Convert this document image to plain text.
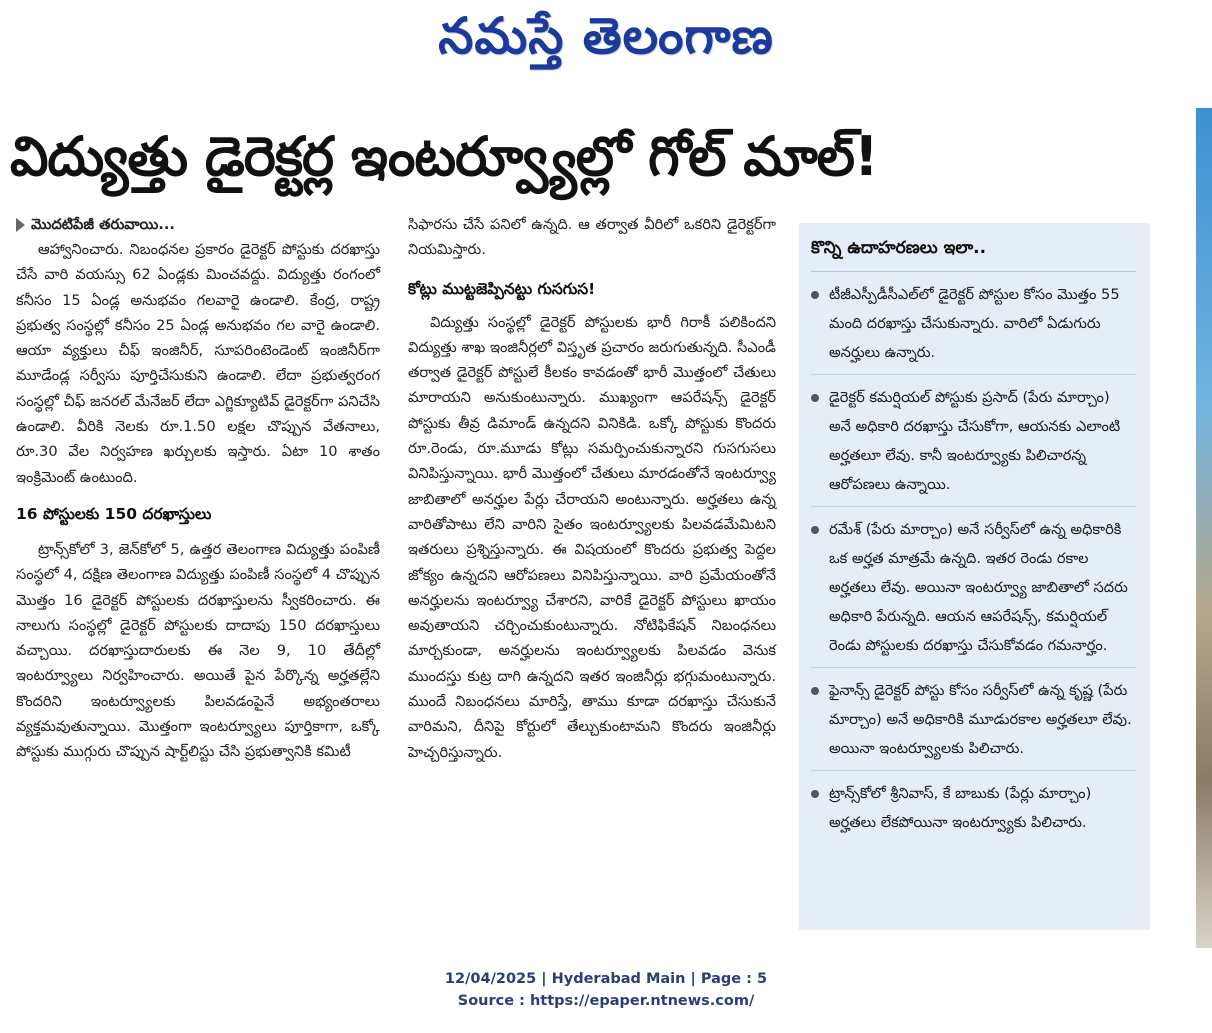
నమస్తే తెలంగాణ
విద్యుత్తు డైరెక్టర్ల ఇంటర్వ్యూల్లో గోల్ మాల్!
మొదటిపేజీ తరువాయి...

ఆహ్వానించారు. నిబంధనల ప్రకారం డైరెక్టర్ పోస్టుకు దరఖాస్తు చేసే వారి వయస్సు 62 ఏండ్లకు మించవద్దు. విద్యుత్తు రంగంలో కనీసం 15 ఏండ్ల అనుభవం గలవారై ఉండాలి. కేంద్ర, రాష్ట్ర ప్రభుత్వ సంస్థల్లో కనీసం 25 ఏండ్ల అనుభవం గల వారై ఉండాలి. ఆయా వ్యక్తులు చీఫ్ ఇంజినీర్, సూపరింటెండెంట్ ఇంజినీర్‌గా మూడేండ్ల సర్వీసు పూర్తిచేసుకుని ఉండాలి. లేదా ప్రభుత్వరంగ సంస్థల్లో చీఫ్ జనరల్ మేనేజర్ లేదా ఎగ్జిక్యూటివ్ డైరెక్టర్‌గా పనిచేసి ఉండాలి. వీరికి నెలకు రూ.1.50 లక్షల చొప్పున వేతనాలు, రూ.30 వేల నిర్వహణ ఖర్చులకు ఇస్తారు. ఏటా 10 శాతం ఇంక్రిమెంట్ ఉంటుంది.

16 పోస్టులకు 150 దరఖాస్తులు

ట్రాన్స్‌కోలో 3, జెన్‌కోలో 5, ఉత్తర తెలంగాణ విద్యుత్తు పంపిణీ సంస్థలో 4, దక్షిణ తెలంగాణ విద్యుత్తు పంపిణీ సంస్థలో 4 చొప్పున మొత్తం 16 డైరెక్టర్ పోస్టులకు దరఖాస్తులను స్వీకరించారు. ఈ నాలుగు సంస్థల్లో డైరెక్టర్ పోస్టులకు దాదాపు 150 దరఖాస్తులు వచ్చాయి. దరఖాస్తుదారులకు ఈ నెల 9, 10 తేదీల్లో ఇంటర్వ్యూలు నిర్వహించారు. అయితే పైన పేర్కొన్న అర్హతల్లేని కొందరిని ఇంటర్వ్యూలకు పిలవడంపైనే అభ్యంతరాలు వ్యక్తమవుతున్నాయి. మొత్తంగా ఇంటర్వ్యూలు పూర్తికాగా, ఒక్కో పోస్టుకు ముగ్గురు చొప్పున షార్ట్‌లిస్టు చేసి ప్రభుత్వానికి కమిటీ

సిఫారసు చేసే పనిలో ఉన్నది. ఆ తర్వాత వీరిలో ఒకరిని డైరెక్టర్‌గా నియమిస్తారు.

కోట్లు ముట్టజెప్పినట్టు గుసగుస!

విద్యుత్తు సంస్థల్లో డైరెక్టర్ పోస్టులకు భారీ గిరాకీ పలికిందని విద్యుత్తు శాఖ ఇంజినీర్లలో విస్తృత ప్రచారం జరుగుతున్నది. సీఎండీ తర్వాత డైరెక్టర్ పోస్టులే కీలకం కావడంతో భారీ మొత్తంలో చేతులు మారాయని అనుకుంటున్నారు. ముఖ్యంగా ఆపరేషన్స్ డైరెక్టర్ పోస్టుకు తీవ్ర డిమాండ్ ఉన్నదని వినికిడి. ఒక్కో పోస్టుకు కొందరు రూ.రెండు, రూ.మూడు కోట్లు సమర్పించుకున్నారని గుసగుసలు వినిపిస్తున్నాయి. భారీ మొత్తంలో చేతులు మారడంతోనే ఇంటర్వ్యూ జాబితాలో అనర్హుల పేర్లు చేరాయని అంటున్నారు. అర్హతలు ఉన్న వారితోపాటు లేని వారిని సైతం ఇంటర్వ్యూలకు పిలవడమేమిటని ఇతరులు ప్రశ్నిస్తున్నారు. ఈ విషయంలో కొందరు ప్రభుత్వ పెద్దల జోక్యం ఉన్నదని ఆరోపణలు వినిపిస్తున్నాయి. వారి ప్రమేయంతోనే అనర్హులను ఇంటర్వ్యూ చేశారని, వారికే డైరెక్టర్ పోస్టులు ఖాయం అవుతాయని చర్చించుకుంటున్నారు. నోటిఫికేషన్ నిబంధనలు మార్చకుండా, అనర్హులను ఇంటర్వ్యూలకు పిలవడం వెనుక ముందస్తు కుట్ర దాగి ఉన్నదని ఇతర ఇంజినీర్లు భగ్గుమంటున్నారు. ముందే నిబంధనలు మారిస్తే, తాము కూడా దరఖాస్తు చేసుకునే వారిమని, దీనిపై కోర్టులో తేల్చుకుంటామని కొందరు ఇంజినీర్లు హెచ్చరిస్తున్నారు.

కొన్ని ఉదాహరణలు ఇలా..
టీజీఎస్పీడీసీఎల్‌లో డైరెక్టర్ పోస్టుల కోసం మొత్తం 55 మంది దరఖాస్తు చేసుకున్నారు. వారిలో ఏడుగురు అనర్హులు ఉన్నారు.
డైరెక్టర్ కమర్షియల్ పోస్టుకు ప్రసాద్ (పేరు మార్చాం) అనే అధికారి దరఖాస్తు చేసుకోగా, ఆయనకు ఎలాంటి అర్హతలూ లేవు. కానీ ఇంటర్వ్యూకు పిలిచారన్న ఆరోపణలు ఉన్నాయి.
రమేశ్ (పేరు మార్చాం) అనే సర్వీస్‌లో ఉన్న అధికారికి ఒక అర్హత మాత్రమే ఉన్నది. ఇతర రెండు రకాల అర్హతలు లేవు. అయినా ఇంటర్వ్యూ జాబితాలో సదరు అధికారి పేరున్నది. ఆయన ఆపరేషన్స్, కమర్షియల్ రెండు పోస్టులకు దరఖాస్తు చేసుకోవడం గమనార్హం.
ఫైనాన్స్ డైరెక్టర్ పోస్టు కోసం సర్వీస్‌లో ఉన్న కృష్ణ (పేరు మార్చాం) అనే అధికారికి మూడురకాల అర్హతలూ లేవు. అయినా ఇంటర్వ్యూలకు పిలిచారు.
ట్రాన్స్‌కోలో శ్రీనివాస్, కే బాబుకు (పేర్లు మార్చాం) అర్హతలు లేకపోయినా ఇంటర్వ్యూకు పిలిచారు.
12/04/2025 | Hyderabad Main | Page : 5
Source : https://epaper.ntnews.com/
